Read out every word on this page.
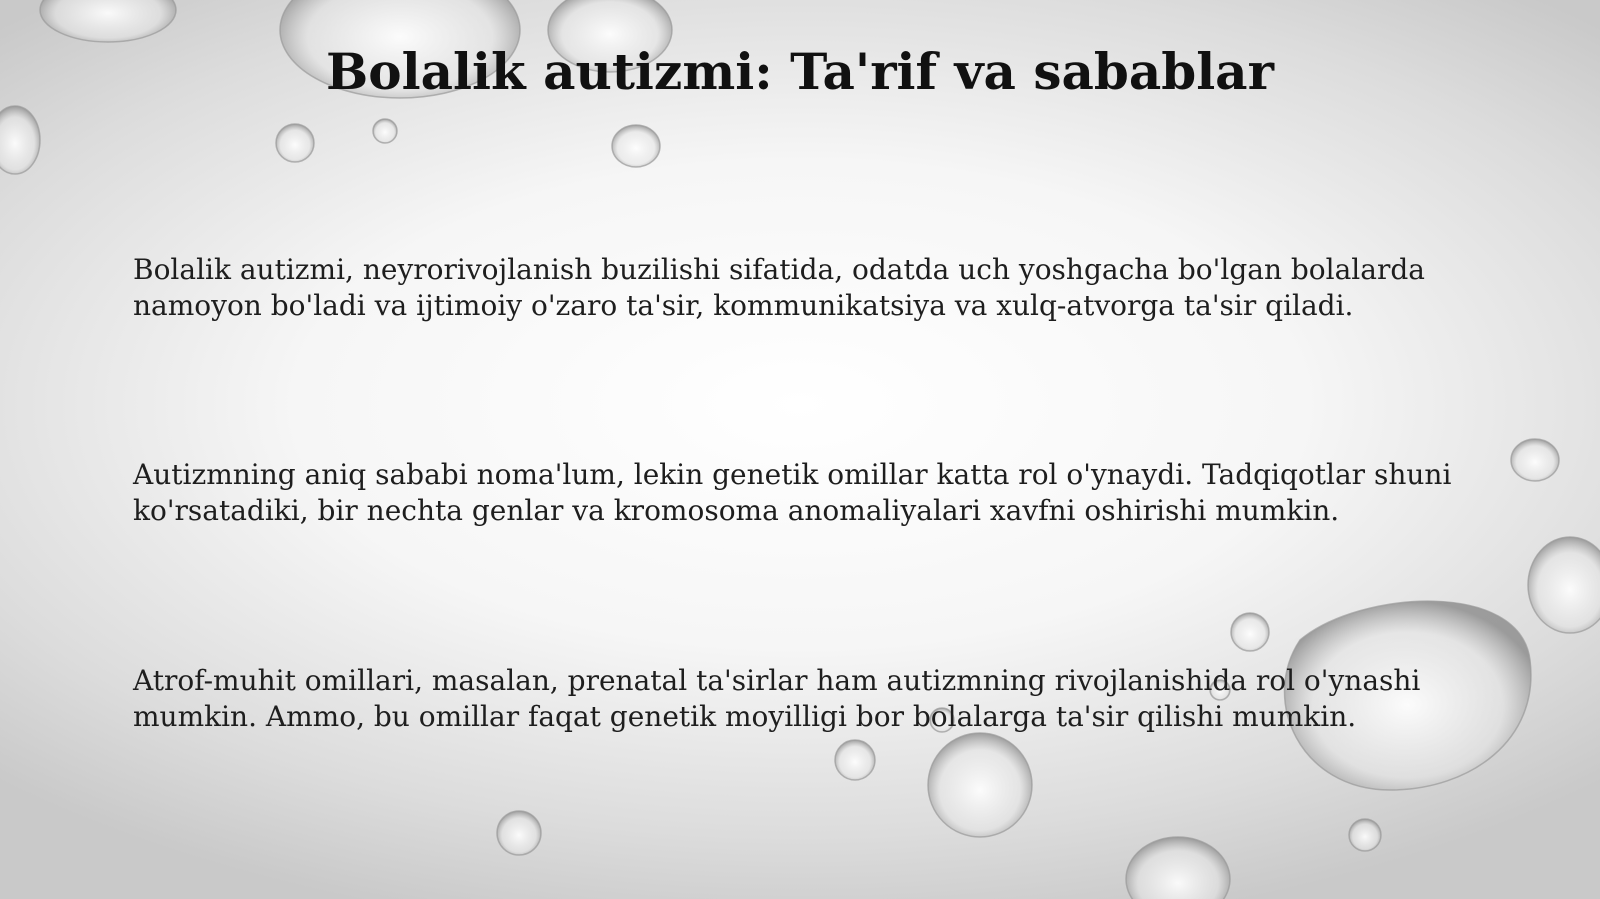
Bolalik autizmi: Ta'rif va sabablar

Bolalik autizmi, neyrorivojlanish buzilishi sifatida, odatda uch yoshgacha bo'lgan bolalarda namoyon bo'ladi va ijtimoiy o'zaro ta'sir, kommunikatsiya va xulq-atvorga ta'sir qiladi.

Autizmning aniq sababi noma'lum, lekin genetik omillar katta rol o'ynaydi. Tadqiqotlar shuni ko'rsatadiki, bir nechta genlar va kromosoma anomaliyalari xavfni oshirishi mumkin.

Atrof-muhit omillari, masalan, prenatal ta'sirlar ham autizmning rivojlanishida rol o'ynashi mumkin. Ammo, bu omillar faqat genetik moyilligi bor bolalarga ta'sir qilishi mumkin.
